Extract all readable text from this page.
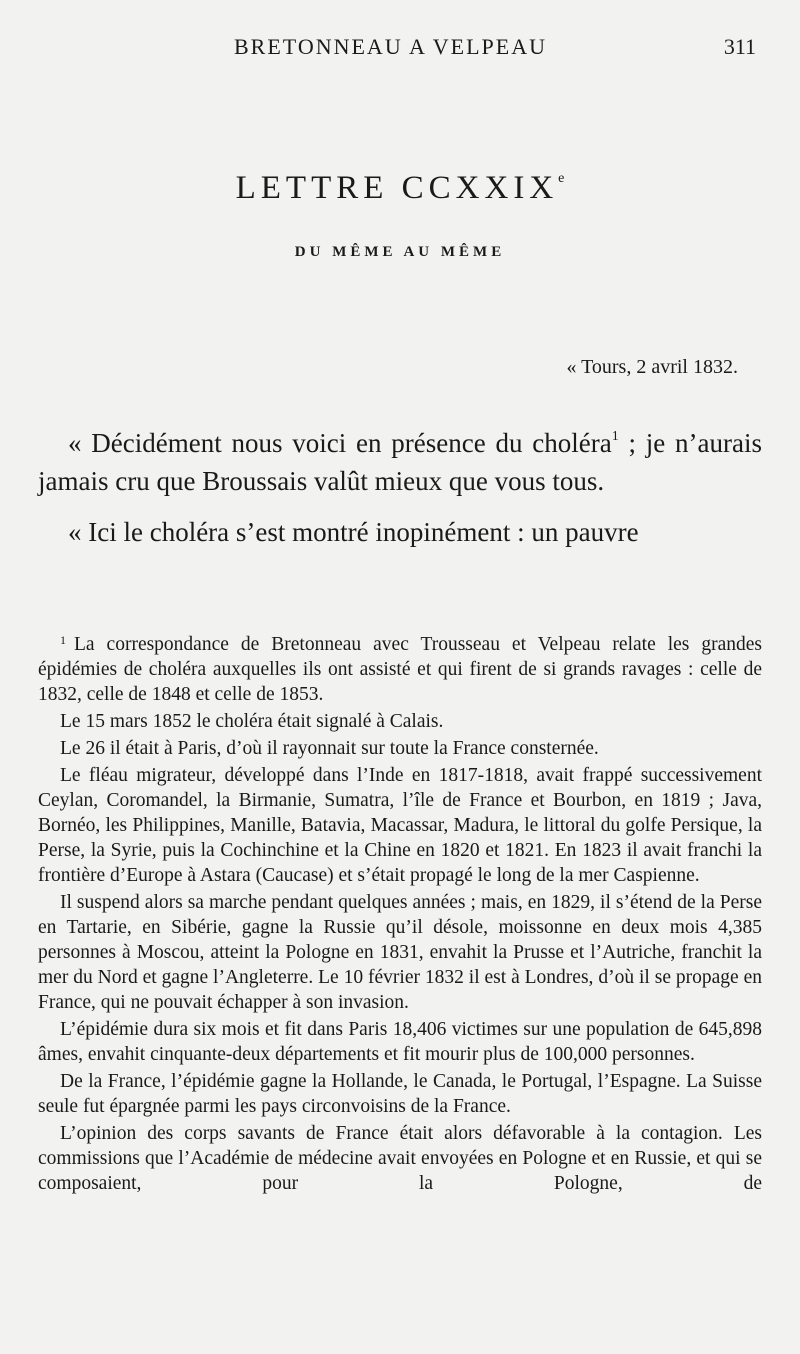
BRETONNEAU A VELPEAU	311
LETTRE CCXXIXe
DU MÊME AU MÊME
« Tours, 2 avril 1832.

« Décidément nous voici en présence du choléra$^1$ ; je n’aurais jamais cru que Broussais valût mieux que vous tous.

« Ici le choléra s’est montré inopinément : un pauvre

$^1$ La correspondance de Bretonneau avec Trousseau et Velpeau relate les grandes épidémies de choléra auxquelles ils ont assisté et qui firent de si grands ravages : celle de 1832, celle de 1848 et celle de 1853.

Le 15 mars 1852 le choléra était signalé à Calais.

Le 26 il était à Paris, d’où il rayonnait sur toute la France consternée.

Le fléau migrateur, développé dans l’Inde en 1817-1818, avait frappé successivement Ceylan, Coromandel, la Birmanie, Sumatra, l’île de France et Bourbon, en 1819 ; Java, Bornéo, les Philippines, Manille, Batavia, Macassar, Madura, le littoral du golfe Persique, la Perse, la Syrie, puis la Cochinchine et la Chine en 1820 et 1821. En 1823 il avait franchi la frontière d’Europe à Astara (Caucase) et s’était propagé le long de la mer Caspienne.

Il suspend alors sa marche pendant quelques années ; mais, en 1829, il s’étend de la Perse en Tartarie, en Sibérie, gagne la Russie qu’il désole, moissonne en deux mois 4,385 personnes à Moscou, atteint la Pologne en 1831, envahit la Prusse et l’Autriche, franchit la mer du Nord et gagne l’Angleterre. Le 10 février 1832 il est à Londres, d’où il se propage en France, qui ne pouvait échapper à son invasion.

L’épidémie dura six mois et fit dans Paris 18,406 victimes sur une population de 645,898 âmes, envahit cinquante-deux départements et fit mourir plus de 100,000 personnes.

De la France, l’épidémie gagne la Hollande, le Canada, le Portugal, l’Espagne. La Suisse seule fut épargnée parmi les pays circonvoisins de la France.

L’opinion des corps savants de France était alors défavorable à la contagion. Les commissions que l’Académie de médecine avait envoyées en Pologne et en Russie, et qui se composaient, pour la Pologne, de
